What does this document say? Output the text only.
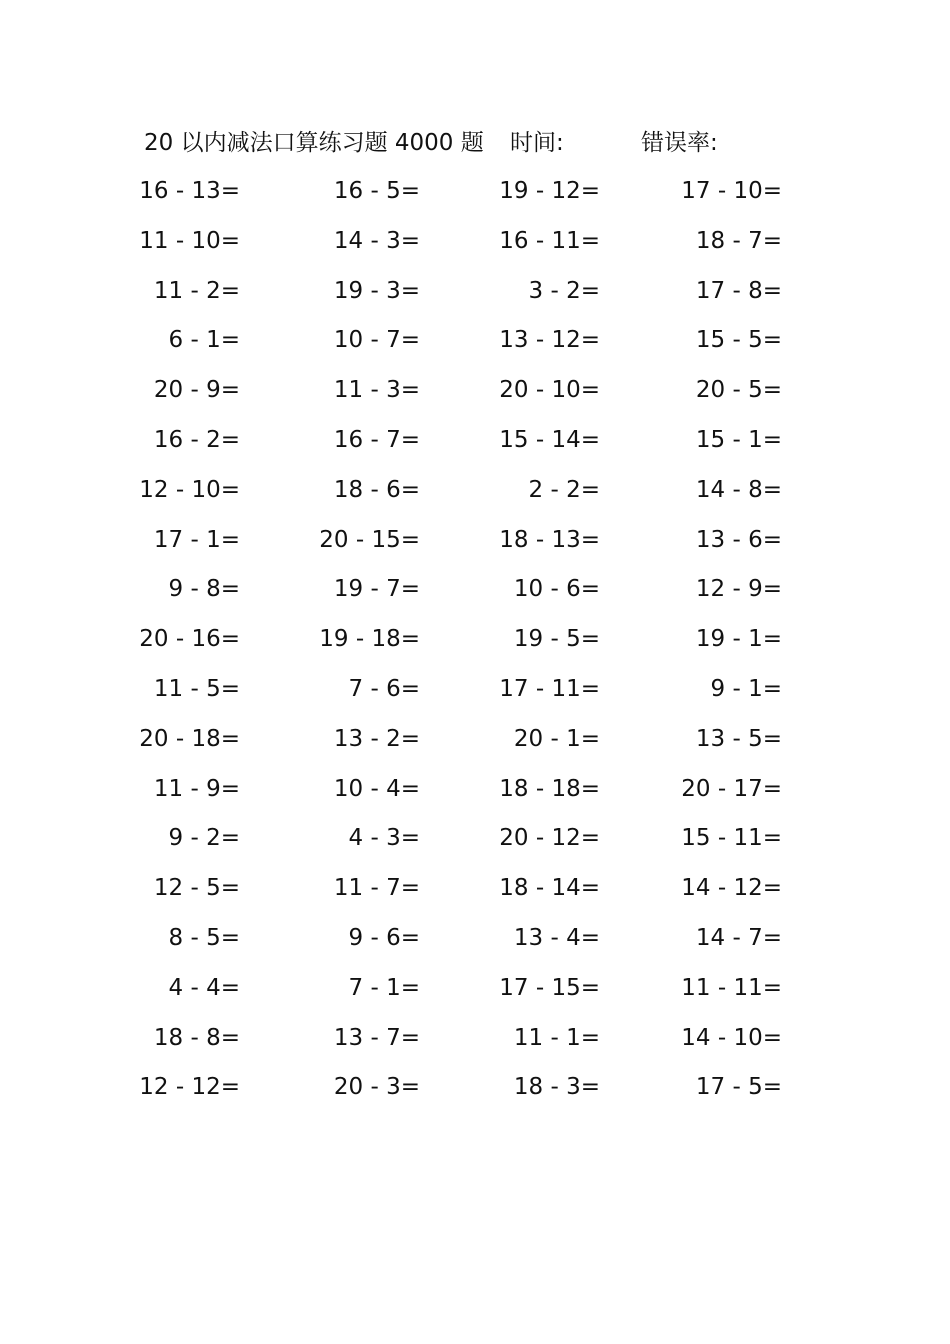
20 以内减法口算练习题 4000 题 时间:	错误率:
16 - 13=	16 - 5=	19 - 12=	17 - 10=
11 - 10=	14 - 3=	16 - 11=	18 - 7=
11 - 2=	19 - 3=	3 - 2=	17 - 8=
6 - 1=	10 - 7=	13 - 12=	15 - 5=
20 - 9=	11 - 3=	20 - 10=	20 - 5=
16 - 2=	16 - 7=	15 - 14=	15 - 1=
12 - 10=	18 - 6=	2 - 2=	14 - 8=
17 - 1=	20 - 15=	18 - 13=	13 - 6=
9 - 8=	19 - 7=	10 - 6=	12 - 9=
20 - 16=	19 - 18=	19 - 5=	19 - 1=
11 - 5=	7 - 6=	17 - 11=	9 - 1=
20 - 18=	13 - 2=	20 - 1=	13 - 5=
11 - 9=	10 - 4=	18 - 18=	20 - 17=
9 - 2=	4 - 3=	20 - 12=	15 - 11=
12 - 5=	11 - 7=	18 - 14=	14 - 12=
8 - 5=	9 - 6=	13 - 4=	14 - 7=
4 - 4=	7 - 1=	17 - 15=	11 - 11=
18 - 8=	13 - 7=	11 - 1=	14 - 10=
12 - 12=	20 - 3=	18 - 3=	17 - 5=
